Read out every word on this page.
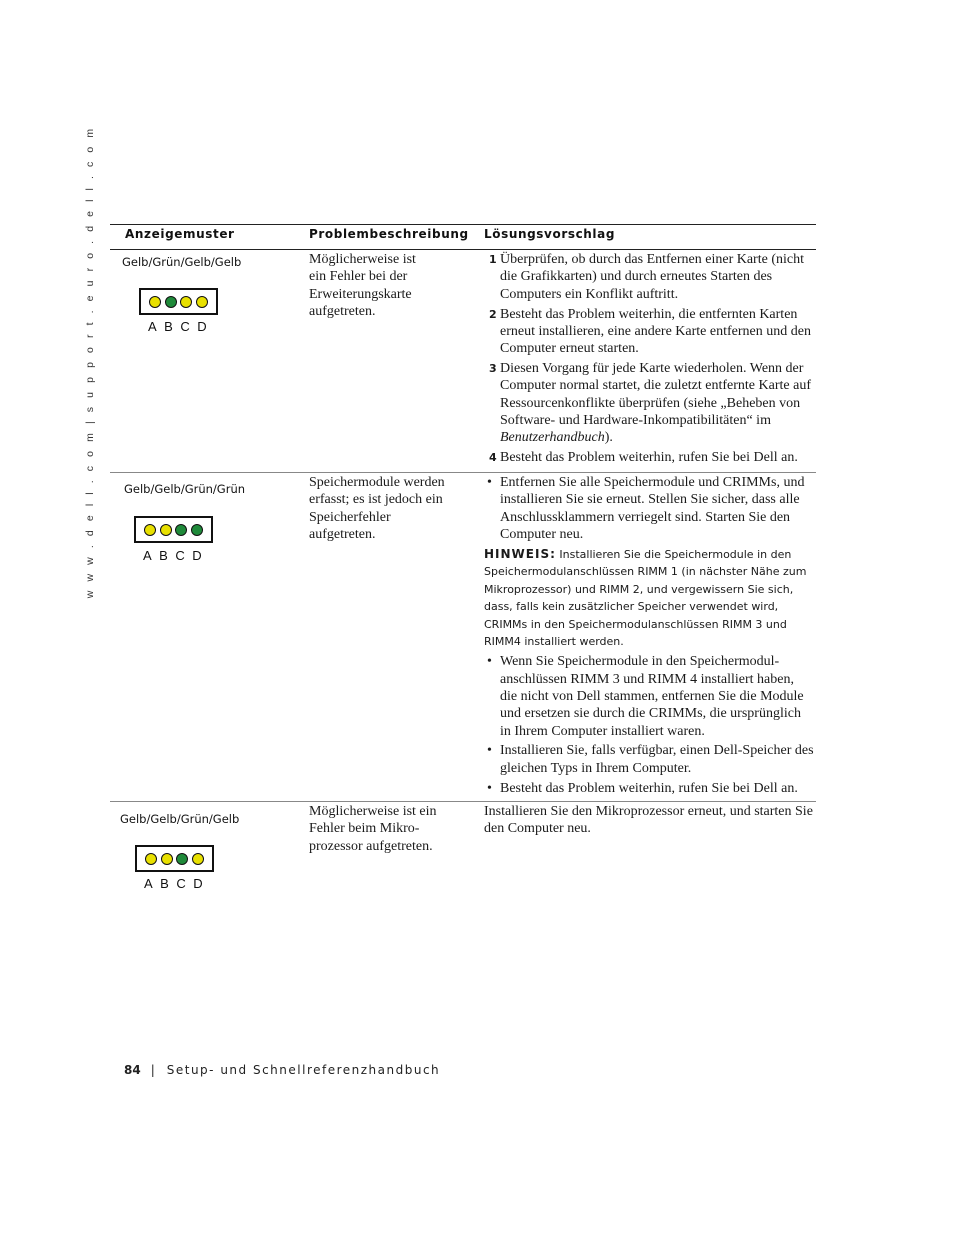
w w w . d e l l . c o m | s u p p o r t . e u r o . d e l l . c o m Anzeigemuster	Problembeschreibung Lösungsvorschlag
Gelb/Grün/Gelb/Gelb
ABCD
Möglicherweise ist ein Fehler bei der Erweiterungskarte aufgetreten.
1 Überprüfen, ob durch das Entfernen einer Karte (nicht die Grafikkarten) und durch erneutes Starten des Computers ein Konflikt auftritt.
2 Besteht das Problem weiterhin, die entfernten Karten erneut installieren, eine andere Karte entfernen und den Computer erneut starten.
3 Diesen Vorgang für jede Karte wiederholen. Wenn der Computer normal startet, die zuletzt entfernte Karte auf Ressourcenkonflikte überprüfen (siehe „Beheben von Software- und Hardware-Inkompatibilitäten“ im Benutzerhandbuch).
4 Besteht das Problem weiterhin, rufen Sie bei Dell an.
Gelb/Gelb/Grün/Grün
ABCD
Speichermodule werden erfasst; es ist jedoch ein Speicherfehler aufgetreten.
• Entfernen Sie alle Speichermodule und CRIMMs, und installieren Sie sie erneut. Stellen Sie sicher, dass alle Anschlussklammern verriegelt sind. Starten Sie den Computer neu.

HINWEIS: Installieren Sie die Speichermodule in den Speichermodulanschlüssen RIMM 1 (in nächster Nähe zum Mikroprozessor) und RIMM 2, und vergewissern Sie sich, dass, falls kein zusätzlicher Speicher verwendet wird, CRIMMs in den Speichermodulanschlüssen RIMM 3 und RIMM4 installiert werden.

• Wenn Sie Speichermodule in den Speichermodul-anschlüssen RIMM 3 und RIMM 4 installiert haben, die nicht von Dell stammen, entfernen Sie die Module und ersetzen sie durch die CRIMMs, die ursprünglich in Ihrem Computer installiert waren.
• Installieren Sie, falls verfügbar, einen Dell-Speicher des gleichen Typs in Ihrem Computer.
• Besteht das Problem weiterhin, rufen Sie bei Dell an.
Gelb/Gelb/Grün/Gelb
ABCD
Möglicherweise ist ein Fehler beim Mikro-prozessor aufgetreten.

Installieren Sie den Mikroprozessor erneut, und starten Sie den Computer neu.

84 | Setup- und Schnellreferenzhandbuch
